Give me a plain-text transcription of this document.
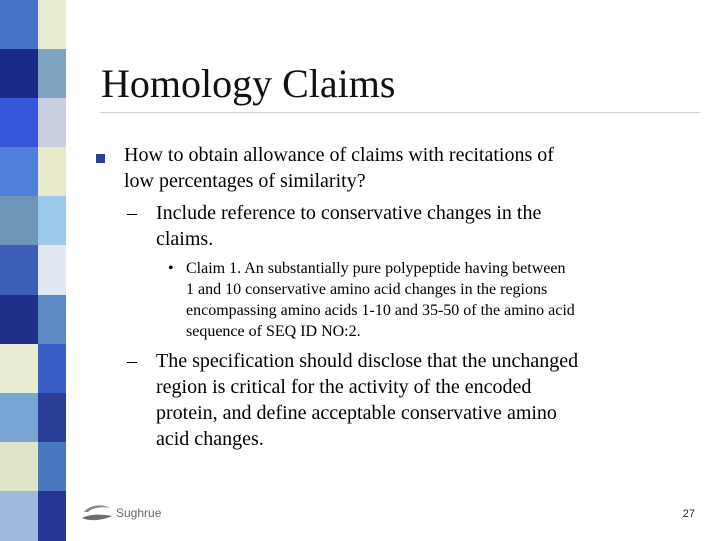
Homology Claims
How to obtain allowance of claims with recitations of
low percentages of similarity?
– Include reference to conservative changes in the
claims.
• Claim 1. An substantially pure polypeptide having between
1 and 10 conservative amino acid changes in the regions
encompassing amino acids 1-10 and 35-50 of the amino acid
sequence of SEQ ID NO:2.
– The specification should disclose that the unchanged
region is critical for the activity of the encoded
protein, and define acceptable conservative amino
acid changes.
Sughrue	27
